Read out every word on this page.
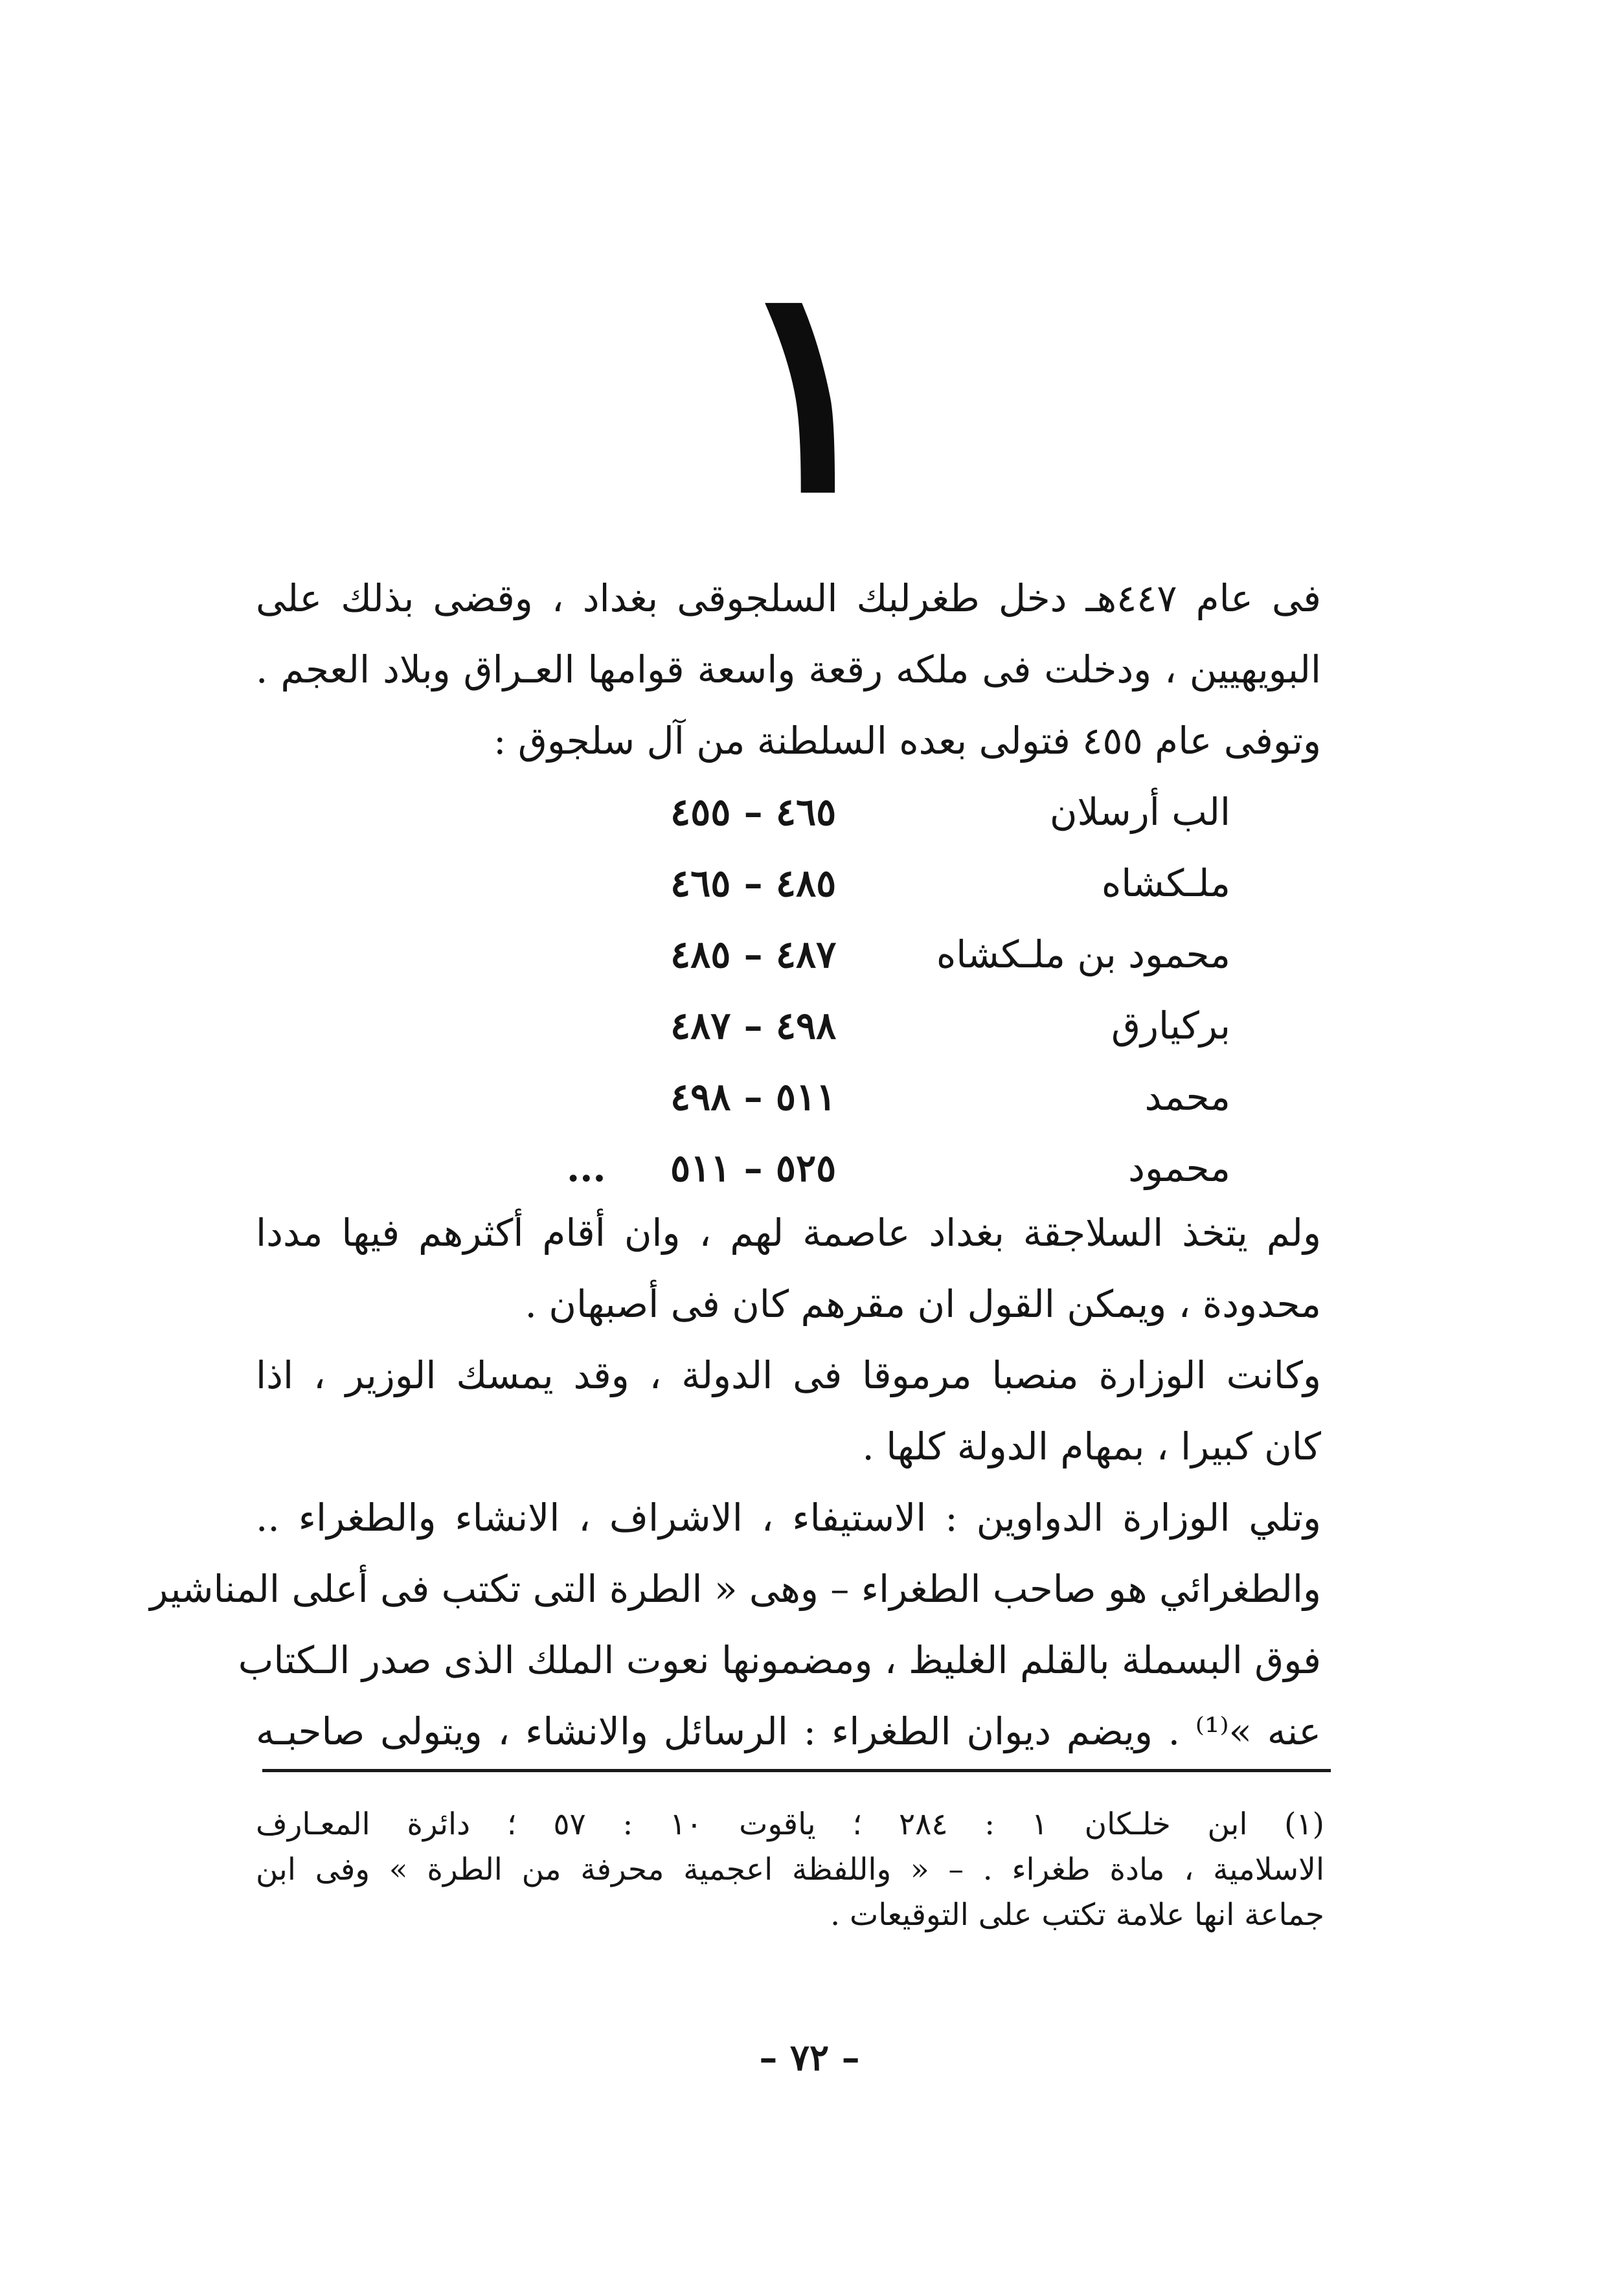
١
فى عام ٤٤٧هـ دخل طغرلبك السلجوقى بغداد ، وقضى بذلك على
البويهيين ، ودخلت فى ملكه رقعة واسعة قوامها العـراق وبلاد العجم .
وتوفى عام ٤٥٥ فتولى بعده السلطنة من آل سلجوق :
الب أرسلان
٤٦٥ – ٤٥٥
ملـكشاه
٤٨٥ – ٤٦٥
محمود بن ملـكشاه
٤٨٧ – ٤٨٥
بركيارق
٤٩٨ – ٤٨٧
محمد
٥١١ – ٤٩٨
محمود
٥٢٥ – ٥١١
...
ولم يتخذ السلاجقة بغداد عاصمة لهم ، وان أقام أكثرهم فيها مددا
محدودة ، ويمكن القول ان مقرهم كان فى أصبهان .
وكانت الوزارة منصبا مرموقا فى الدولة ، وقد يمسك الوزير ، اذا
كان كبيرا ، بمهام الدولة كلها .
وتلي الوزارة الدواوين : الاستيفاء ، الاشراف ، الانشاء والطغراء ..
والطغرائي هو صاحب الطغراء – وهى « الطرة التى تكتب فى أعلى المناشير
فوق البسملة بالقلم الغليظ ، ومضمونها نعوت الملك الذى صدر الـكتاب
عنه »⁽¹⁾ . ويضم ديوان الطغراء : الرسائل والانشاء ، ويتولى صاحبـه
(١) ابن خلـكان ١ : ٢٨٤ ؛ ياقوت ١٠ : ٥٧ ؛ دائرة المعـارف
الاسلامية ، مادة طغراء . – « واللفظة اعجمية محرفة من الطرة » وفى ابن
جماعة انها علامة تكتب على التوقيعات .
– ٧٢ –
